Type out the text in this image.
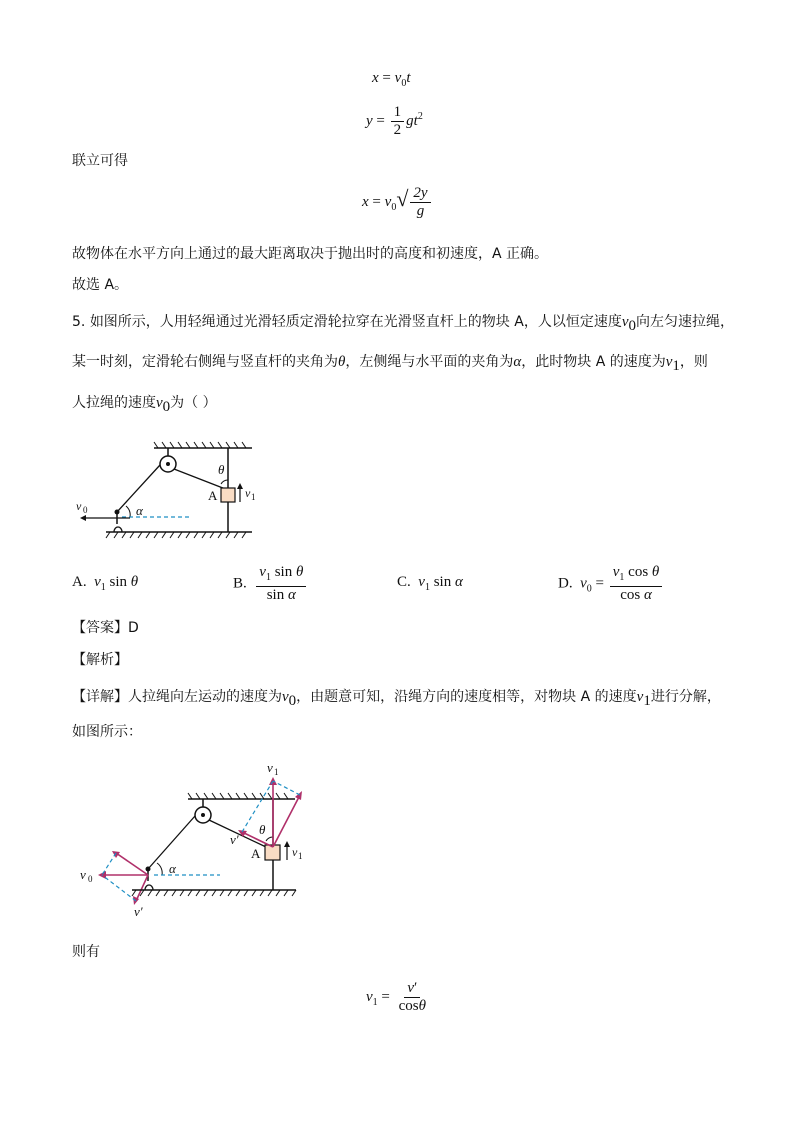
$x = v_0t$
$y = \frac{1}{2} gt^2$
联立可得
$x = v_0√ \frac{2y}{g}$
故物体在水平方向上通过的最大距离取决于抛出时的高度和初速度，A 正确。
故选 A。
5. 如图所示，人用轻绳通过光滑轻质定滑轮拉穿在光滑竖直杆上的物块 A，人以恒定速度$v_0$向左匀速拉绳，
某一时刻，定滑轮右侧绳与竖直杆的夹角为θ，左侧绳与水平面的夹角为α，此时物块 A 的速度为$v_1$，则
人拉绳的速度$v_0$为（ ）
A
θ
v 1
α
v 0
A. $v_1$ sin θ	B. $\frac{v_1 \sin \theta}{\text{sin α}}$	C. $v_1$ sin α	D. $v_0 = \frac{v_1 \cos \theta}{\text{cos α}}$
【答案】D
【解析】
【详解】人拉绳向左运动的速度为$v_0$，由题意可知，沿绳方向的速度相等，对物块 A 的速度$v_1$进行分解，
如图所示：
v 1
A	v 1
θ
v′
α
v 0
v′
则有
$v_1 = \frac{v'}{\cos\theta}$
